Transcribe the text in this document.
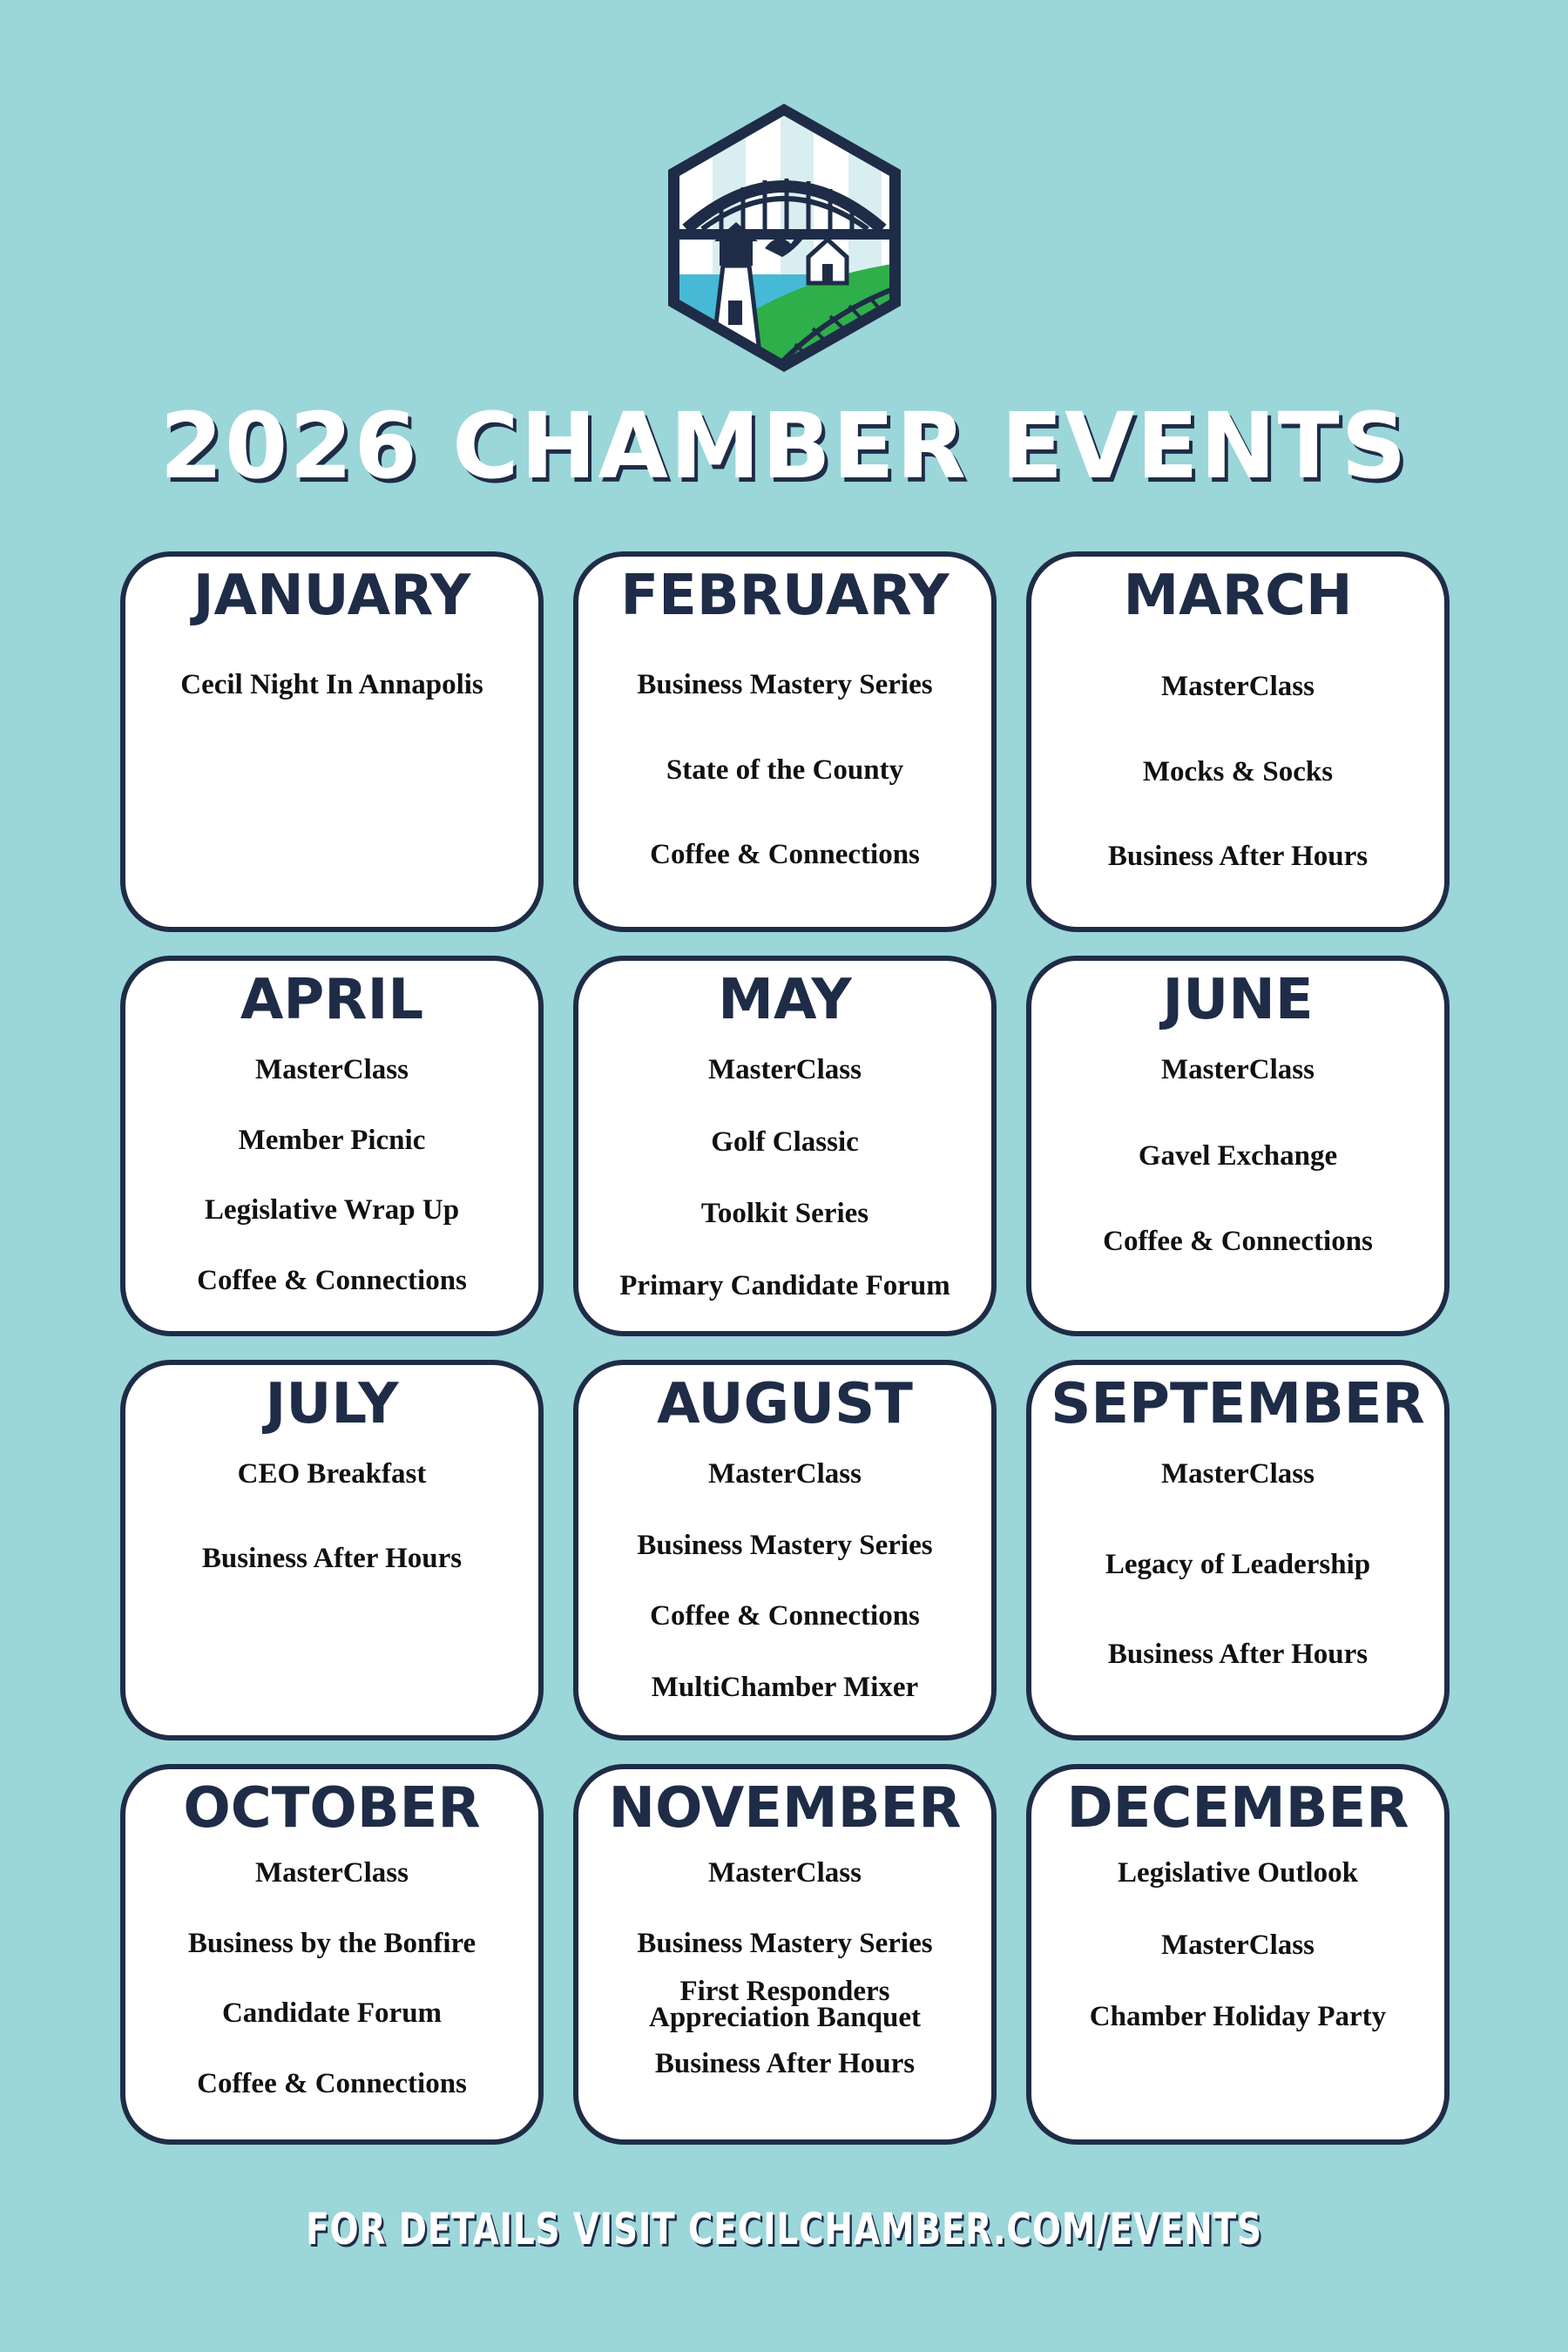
2026 CHAMBER EVENTS
JANUARY
Cecil Night In Annapolis
FEBRUARY
Business Mastery Series
State of the County
Coffee & Connections
MARCH
MasterClass
Mocks & Socks
Business After Hours
APRIL
MasterClass
Member Picnic
Legislative Wrap Up
Coffee & Connections
MAY
MasterClass
Golf Classic
Toolkit Series
Primary Candidate Forum
JUNE
MasterClass
Gavel Exchange
Coffee & Connections
JULY
CEO Breakfast
Business After Hours
AUGUST
MasterClass
Business Mastery Series
Coffee & Connections
MultiChamber Mixer
SEPTEMBER
MasterClass
Legacy of Leadership
Business After Hours
OCTOBER
MasterClass
Business by the Bonfire
Candidate Forum
Coffee & Connections
NOVEMBER
MasterClass
Business Mastery Series
First Responders Appreciation Banquet
Business After Hours
DECEMBER
Legislative Outlook
MasterClass
Chamber Holiday Party
FOR DETAILS VISIT CECILCHAMBER.COM/EVENTS
